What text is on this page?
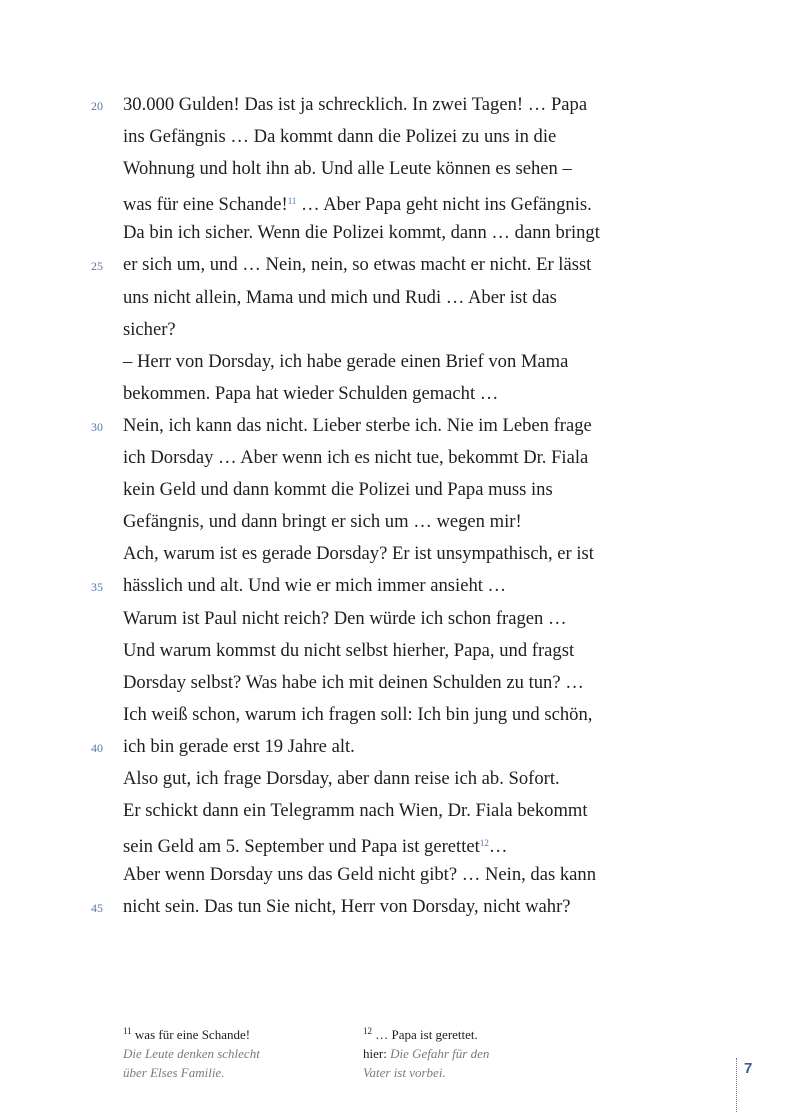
20	30.000 Gulden! Das ist ja schrecklich. In zwei Tagen! … Papa
ins Gefängnis … Da kommt dann die Polizei zu uns in die
Wohnung und holt ihn ab. Und alle Leute können es sehen –
was für eine Schande!$^{11}$ … Aber Papa geht nicht ins Gefängnis.
Da bin ich sicher. Wenn die Polizei kommt, dann … dann bringt
25	er sich um, und … Nein, nein, so etwas macht er nicht. Er lässt
uns nicht allein, Mama und mich und Rudi … Aber ist das
sicher?
– Herr von Dorsday, ich habe gerade einen Brief von Mama
bekommen. Papa hat wieder Schulden gemacht …
30	Nein, ich kann das nicht. Lieber sterbe ich. Nie im Leben frage
ich Dorsday … Aber wenn ich es nicht tue, bekommt Dr. Fiala
kein Geld und dann kommt die Polizei und Papa muss ins
Gefängnis, und dann bringt er sich um … wegen mir!
Ach, warum ist es gerade Dorsday? Er ist unsympathisch, er ist
35	hässlich und alt. Und wie er mich immer ansieht …
Warum ist Paul nicht reich? Den würde ich schon fragen …
Und warum kommst du nicht selbst hierher, Papa, und fragst
Dorsday selbst? Was habe ich mit deinen Schulden zu tun? …
Ich weiß schon, warum ich fragen soll: Ich bin jung und schön,
40	ich bin gerade erst 19 Jahre alt.
Also gut, ich frage Dorsday, aber dann reise ich ab. Sofort.
Er schickt dann ein Telegramm nach Wien, Dr. Fiala bekommt
sein Geld am 5. September und Papa ist gerettet$^{12}$…
Aber wenn Dorsday uns das Geld nicht gibt? … Nein, das kann
45	nicht sein. Das tun Sie nicht, Herr von Dorsday, nicht wahr?
$^{11}$ was für eine Schande!
Die Leute denken schlecht
über Elses Familie.
$^{12}$ … Papa ist gerettet.
hier: Die Gefahr für den
Vater ist vorbei.	7
